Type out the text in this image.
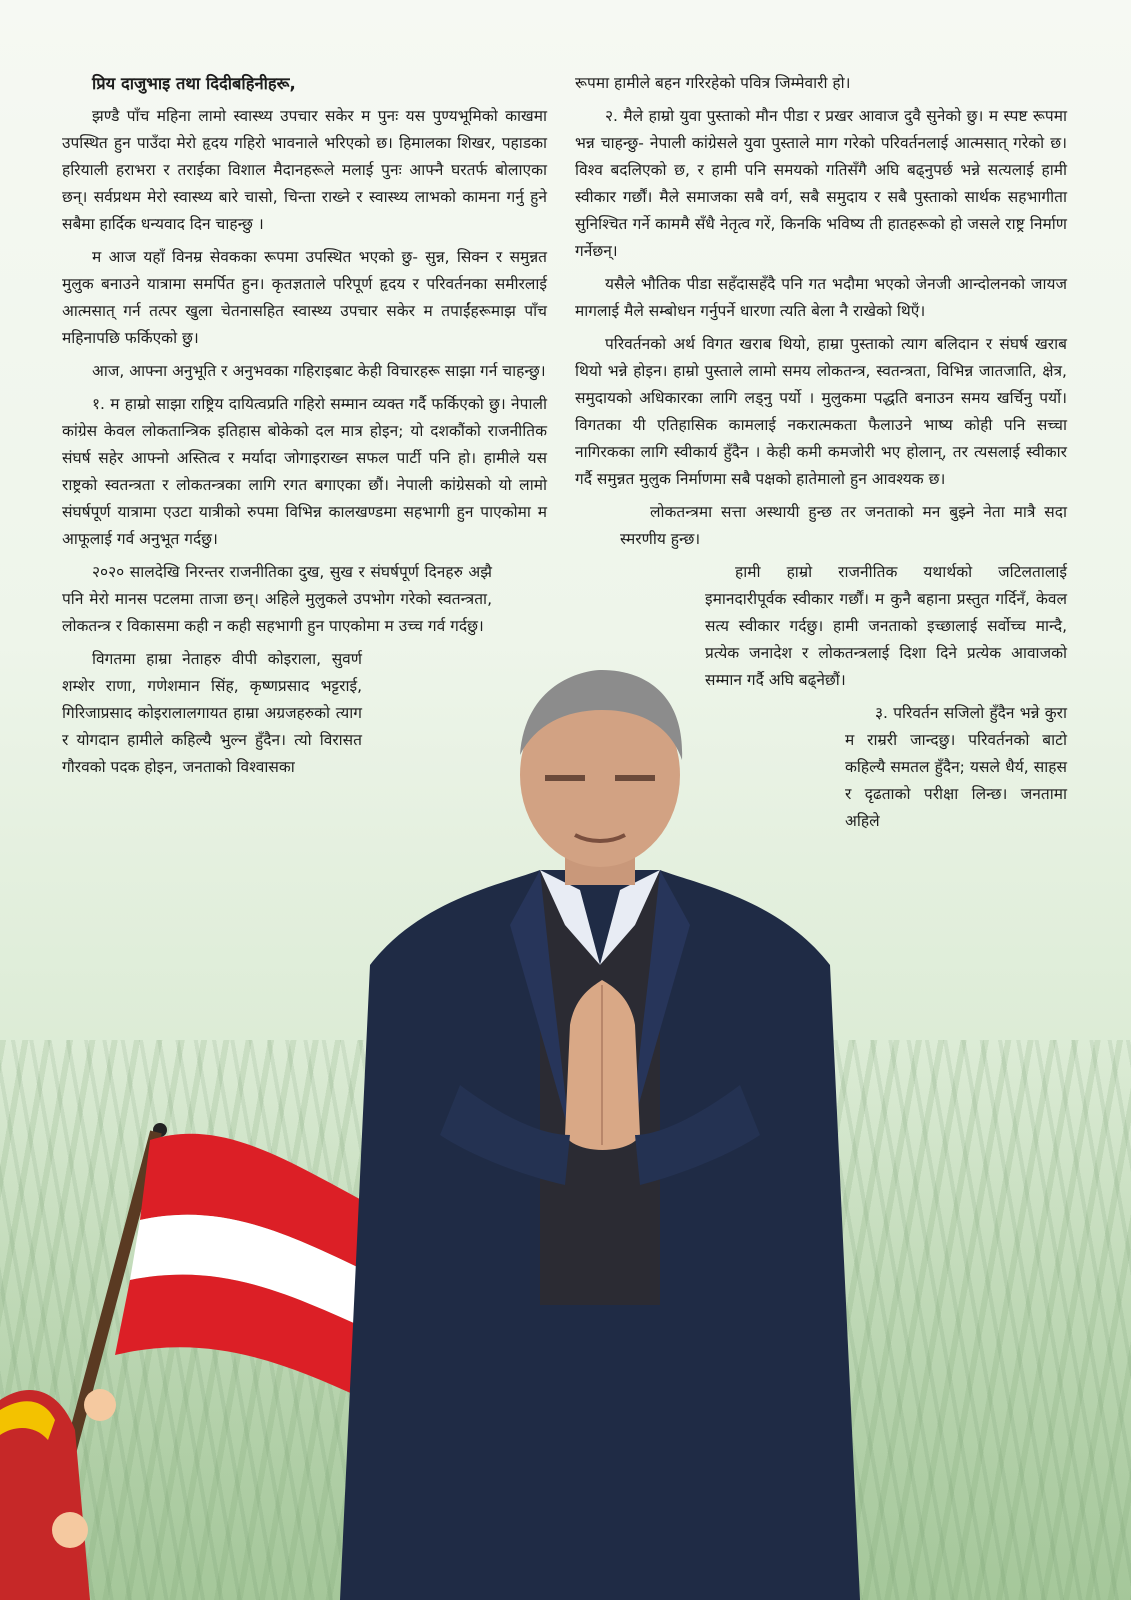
प्रिय दाजुभाइ तथा दिदीबहिनीहरू,

झण्डै पाँच महिना लामो स्वास्थ्य उपचार सकेर म पुनः यस पुण्यभूमिको काखमा उपस्थित हुन पाउँदा मेरो हृदय गहिरो भावनाले भरिएको छ। हिमालका शिखर, पहाडका हरियाली हराभरा र तराईका विशाल मैदानहरूले मलाई पुनः आफ्नै घरतर्फ बोलाएका छन्। सर्वप्रथम मेरो स्वास्थ्य बारे चासो, चिन्ता राख्ने र स्वास्थ्य लाभको कामना गर्नु हुने सबैमा हार्दिक धन्यवाद दिन चाहन्छु ।

म आज यहाँ विनम्र सेवकका रूपमा उपस्थित भएको छु- सुन्न, सिक्न र समुन्नत मुलुक बनाउने यात्रामा समर्पित हुन। कृतज्ञताले परिपूर्ण हृदय र परिवर्तनका समीरलाई आत्मसात् गर्न तत्पर खुला चेतनासहित स्वास्थ्य उपचार सकेर म तपाईंहरूमाझ पाँच महिनापछि फर्किएको छु।

आज, आफ्ना अनुभूति र अनुभवका गहिराइबाट केही विचारहरू साझा गर्न चाहन्छु।

१. म हाम्रो साझा राष्ट्रिय दायित्वप्रति गहिरो सम्मान व्यक्त गर्दै फर्किएको छु। नेपाली कांग्रेस केवल लोकतान्त्रिक इतिहास बोकेको दल मात्र होइन; यो दशकौंको राजनीतिक संघर्ष सहेर आफ्नो अस्तित्व र मर्यादा जोगाइराख्न सफल पार्टी पनि हो। हामीले यस राष्ट्रको स्वतन्त्रता र लोकतन्त्रका लागि रगत बगाएका छौं। नेपाली कांग्रेसको यो लामो संघर्षपूर्ण यात्रामा एउटा यात्रीको रुपमा विभिन्न कालखण्डमा सहभागी हुन पाएकोमा म आफूलाई गर्व अनुभूत गर्दछु।

२०२० सालदेखि निरन्तर राजनीतिका दुख, सुख र संघर्षपूर्ण दिनहरु अझै पनि मेरो मानस पटलमा ताजा छन्। अहिले मुलुकले उपभोग गरेको स्वतन्त्रता, लोकतन्त्र र विकासमा कही न कही सहभागी हुन पाएकोमा म उच्च गर्व गर्दछु।

विगतमा हाम्रा नेताहरु वीपी कोइराला, सुवर्ण शम्शेर राणा, गणेशमान सिंह, कृष्णप्रसाद भट्टराई, गिरिजाप्रसाद कोइरालालगायत हाम्रा अग्रजहरुको त्याग र योगदान हामीले कहिल्यै भुल्न हुँदैन। त्यो विरासत गौरवको पदक होइन, जनताको विश्वासका

रूपमा हामीले बहन गरिरहेको पवित्र जिम्मेवारी हो।

२. मैले हाम्रो युवा पुस्ताको मौन पीडा र प्रखर आवाज दुवै सुनेको छु। म स्पष्ट रूपमा भन्न चाहन्छु- नेपाली कांग्रेसले युवा पुस्ताले माग गरेको परिवर्तनलाई आत्मसात् गरेको छ। विश्व बदलिएको छ, र हामी पनि समयको गतिसँगै अघि बढ्नुपर्छ भन्ने सत्यलाई हामी स्वीकार गर्छौं। मैले समाजका सबै वर्ग, सबै समुदाय र सबै पुस्ताको सार्थक सहभागीता सुनिश्चित गर्ने काममै सँधै नेतृत्व गरें, किनकि भविष्य ती हातहरूको हो जसले राष्ट्र निर्माण गर्नेछन्।

यसैले भौतिक पीडा सहँदासहँदै पनि गत भदौमा भएको जेनजी आन्दोलनको जायज मागलाई मैले सम्बोधन गर्नुपर्ने धारणा त्यति बेला नै राखेको थिएँ।

परिवर्तनको अर्थ विगत खराब थियो, हाम्रा पुस्ताको त्याग बलिदान र संघर्ष खराब थियो भन्ने होइन। हाम्रो पुस्ताले लामो समय लोकतन्त्र, स्वतन्त्रता, विभिन्न जातजाति, क्षेत्र, समुदायको अधिकारका लागि लड्नु पर्यो । मुलुकमा पद्धति बनाउन समय खर्चिनु पर्यो। विगतका यी एतिहासिक कामलाई नकरात्मकता फैलाउने भाष्य कोही पनि सच्चा नागिरकका लागि स्वीकार्य हुँदैन । केही कमी कमजोरी भए होलान्, तर त्यसलाई स्वीकार गर्दै समुन्नत मुलुक निर्माणमा सबै पक्षको हातेमालो हुन आवश्यक छ।

लोकतन्त्रमा सत्ता अस्थायी हुन्छ तर जनताको मन बुझ्ने नेता मात्रै सदा स्मरणीय हुन्छ।

हामी हाम्रो राजनीतिक यथार्थको जटिलतालाई इमानदारीपूर्वक स्वीकार गर्छौं। म कुनै बहाना प्रस्तुत गर्दिनँ, केवल सत्य स्वीकार गर्दछु। हामी जनताको इच्छालाई सर्वोच्च मान्दै, प्रत्येक जनादेश र लोकतन्त्रलाई दिशा दिने प्रत्येक आवाजको सम्मान गर्दै अघि बढ्नेछौं।

३. परिवर्तन सजिलो हुँदैन भन्ने कुरा म राम्ररी जान्दछु। परिवर्तनको बाटो कहिल्यै समतल हुँदैन; यसले धैर्य, साहस र दृढताको परीक्षा लिन्छ। जनतामा अहिले
